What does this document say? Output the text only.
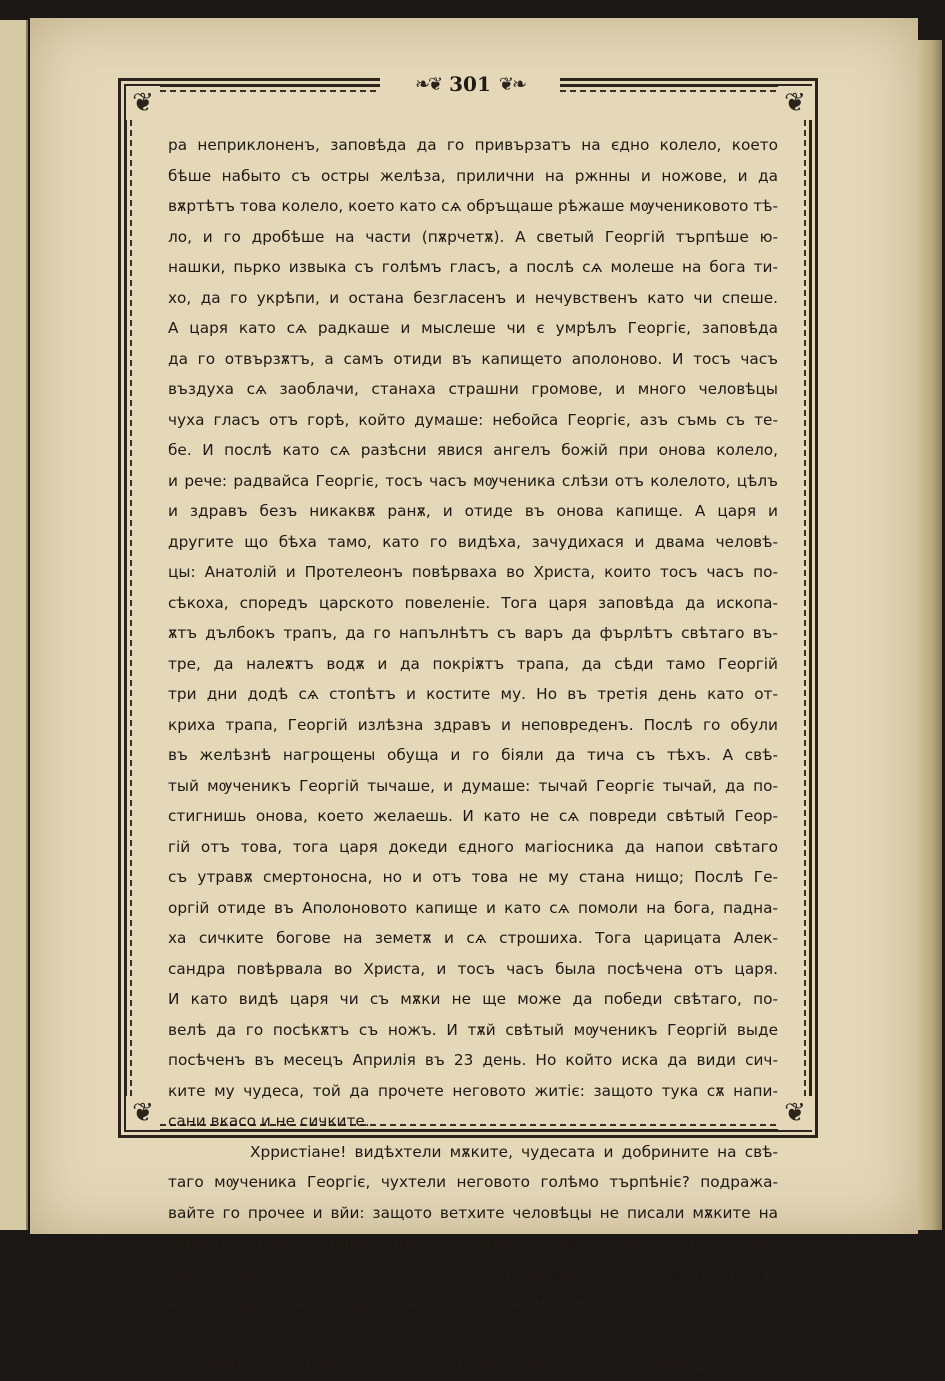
❦	❦
❦	❦
❧❦ 301 ❦❧
ра неприклоненъ, заповѣда да го привързатъ на єдно колело, което
бѣше набыто съ остры желѣза, прилични на ржнны и ножове, и да
вѫртѣтъ това колело, което като сѧ обръщаше рѣжаше мѹчениковото тѣ-
ло, и го дробѣше на части (пѫрчетѫ). А светый Георгій търпѣше ю-
нашки, пьрко извыка съ голѣмъ гласъ, а послѣ сѧ молеше на бога ти-
хо, да го укрѣпи, и остана безгласенъ и нечувственъ като чи спеше.
А царя като сѧ радкаше и мыслеше чи є умрѣлъ Георгіє, заповѣда
да го отвързѫтъ, а самъ отиди въ капището аполоново. И тосъ часъ
въздуха сѧ заоблачи, станаха страшни громове, и много человѣцы
чуха гласъ отъ горѣ, който думаше: небойса Георгіє, азъ съмь съ те-
бе. И послѣ като сѧ разѣсни явися ангелъ божій при онова колело,
и рече: радвайса Георгіє, тосъ часъ мѹченика слѣзи отъ колелото, цѣлъ
и здравъ безъ никаквѫ ранѫ, и отиде въ онова капище. А царя и
другите що бѣха тамо, като го видѣха, зачудихася и двама человѣ-
цы: Анатолій и Протелеонъ повѣрваха во Христа, които тосъ часъ по-
сѣкоха, споредъ царското повеленіе. Тога царя заповѣда да ископа-
ѫтъ дълбокъ трапъ, да го напълнѣтъ съ варъ да фърлѣтъ свѣтаго въ-
тре, да налеѫтъ водѫ и да покріѫтъ трапа, да сѣди тамо Георгій
три дни додѣ сѧ стопѣтъ и костите му. Но въ третія день като от-
криха трапа, Георгій излѣзна здравъ и неповреденъ. Послѣ го обули
въ желѣзнѣ нагрощены обуща и го біяли да тича съ тѣхъ. А свѣ-
тый мѹченикъ Георгій тычаше, и думаше: тычай Георгіє тычай, да по-
стигнишь онова, което желаешь. И като не сѧ повреди свѣтый Геор-
гій отъ това, тога царя докеди єдного магіосника да напои свѣтаго
съ утравѫ смертоносна, но и отъ това не му стана нищо; Послѣ Ге-
оргій отиде въ Аполоновото капище и като сѧ помоли на бога, падна-
ха сичките богове на земетѫ и сѧ строшиха. Тога царицата Алек-
сандра повѣрвала во Христа, и тосъ часъ была посѣчена отъ царя.
И като видѣ царя чи съ мѫки не ще може да победи свѣтаго, по-
велѣ да го посѣкѫтъ съ ножъ. И тѫй свѣтый мѹченикъ Георгій выде
посѣченъ въ месецъ Априлія въ 23 день. Но който иска да види сич-
ките му чудеса, той да прочете неговото житіє: защото тука сѫ напи-
сани вкасо и не сичките.
Хрристіане! видѣхтели мѫките, чудесата и добрините на свѣ-
таго мѹченика Георгіє, чухтели неговото голѣмо търпѣніє? подража-
вайте го прочее и вйи: защото ветхите человѣцы не писали мѫките на
свѣтіите за друго нѣщо, само за да живѣеме и нйи като тѣхъ съ търп-
ѣніє и добрины. Сега нѣма мучители да ны гонѣтъ и мѫчатъ за
нашатѫ вѣрѫ, нити имаме нужда да сѧ мѫчиме, само иска богъ да
ходиме по неговыя законъ, каквото дума самъ: ако ма обычате пазе-
те моите заповѣди. За туй трѣбѣ като истинни христіани да имаме
